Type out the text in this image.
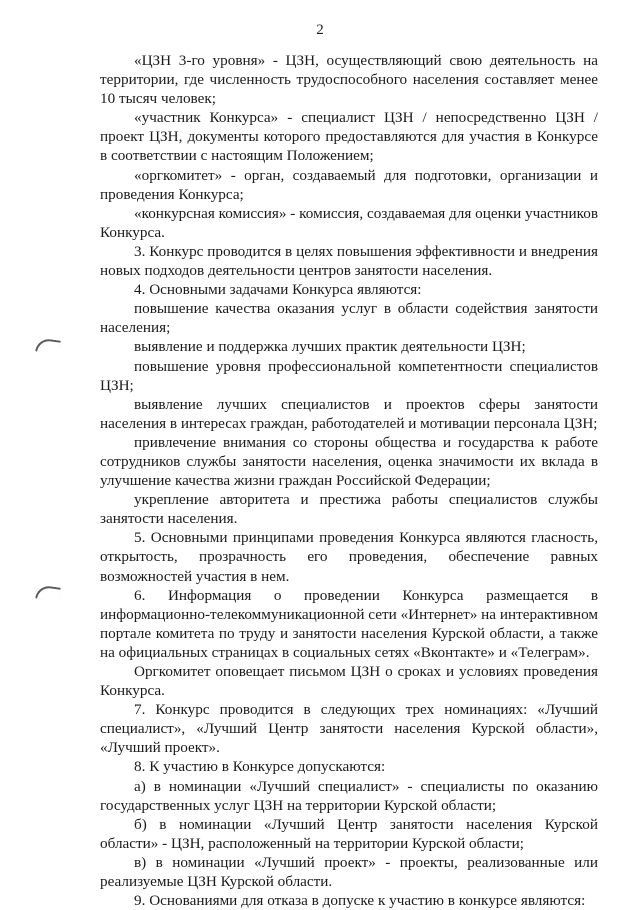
2

«ЦЗН 3-го уровня» - ЦЗН, осуществляющий свою деятельность на территории, где численность трудоспособного населения составляет менее 10 тысяч человек;

«участник Конкурса» - специалист ЦЗН / непосредственно ЦЗН / проект ЦЗН, документы которого предоставляются для участия в Конкурсе в соответствии с настоящим Положением;

«оргкомитет» - орган, создаваемый для подготовки, организации и проведения Конкурса;

«конкурсная комиссия» - комиссия, создаваемая для оценки участников Конкурса.

3. Конкурс проводится в целях повышения эффективности и внедрения новых подходов деятельности центров занятости населения.

4. Основными задачами Конкурса являются:

повышение качества оказания услуг в области содействия занятости населения;

выявление и поддержка лучших практик деятельности ЦЗН;

повышение уровня профессиональной компетентности специалистов ЦЗН;

выявление лучших специалистов и проектов сферы занятости населения в интересах граждан, работодателей и мотивации персонала ЦЗН;

привлечение внимания со стороны общества и государства к работе сотрудников службы занятости населения, оценка значимости их вклада в улучшение качества жизни граждан Российской Федерации;

укрепление авторитета и престижа работы специалистов службы занятости населения.

5. Основными принципами проведения Конкурса являются гласность, открытость, прозрачность его проведения, обеспечение равных возможностей участия в нем.

6. Информация о проведении Конкурса размещается в информационно-телекоммуникационной сети «Интернет» на интерактивном портале комитета по труду и занятости населения Курской области, а также на официальных страницах в социальных сетях «Вконтакте» и «Телеграм».

Оргкомитет оповещает письмом ЦЗН о сроках и условиях проведения Конкурса.

7. Конкурс проводится в следующих трех номинациях: «Лучший специалист», «Лучший Центр занятости населения Курской области», «Лучший проект».

8. К участию в Конкурсе допускаются:

а) в номинации «Лучший специалист» - специалисты по оказанию государственных услуг ЦЗН на территории Курской области;

б) в номинации «Лучший Центр занятости населения Курской области» - ЦЗН, расположенный на территории Курской области;

в) в номинации «Лучший проект» - проекты, реализованные или реализуемые ЦЗН Курской области.

9. Основаниями для отказа в допуске к участию в конкурсе являются:
